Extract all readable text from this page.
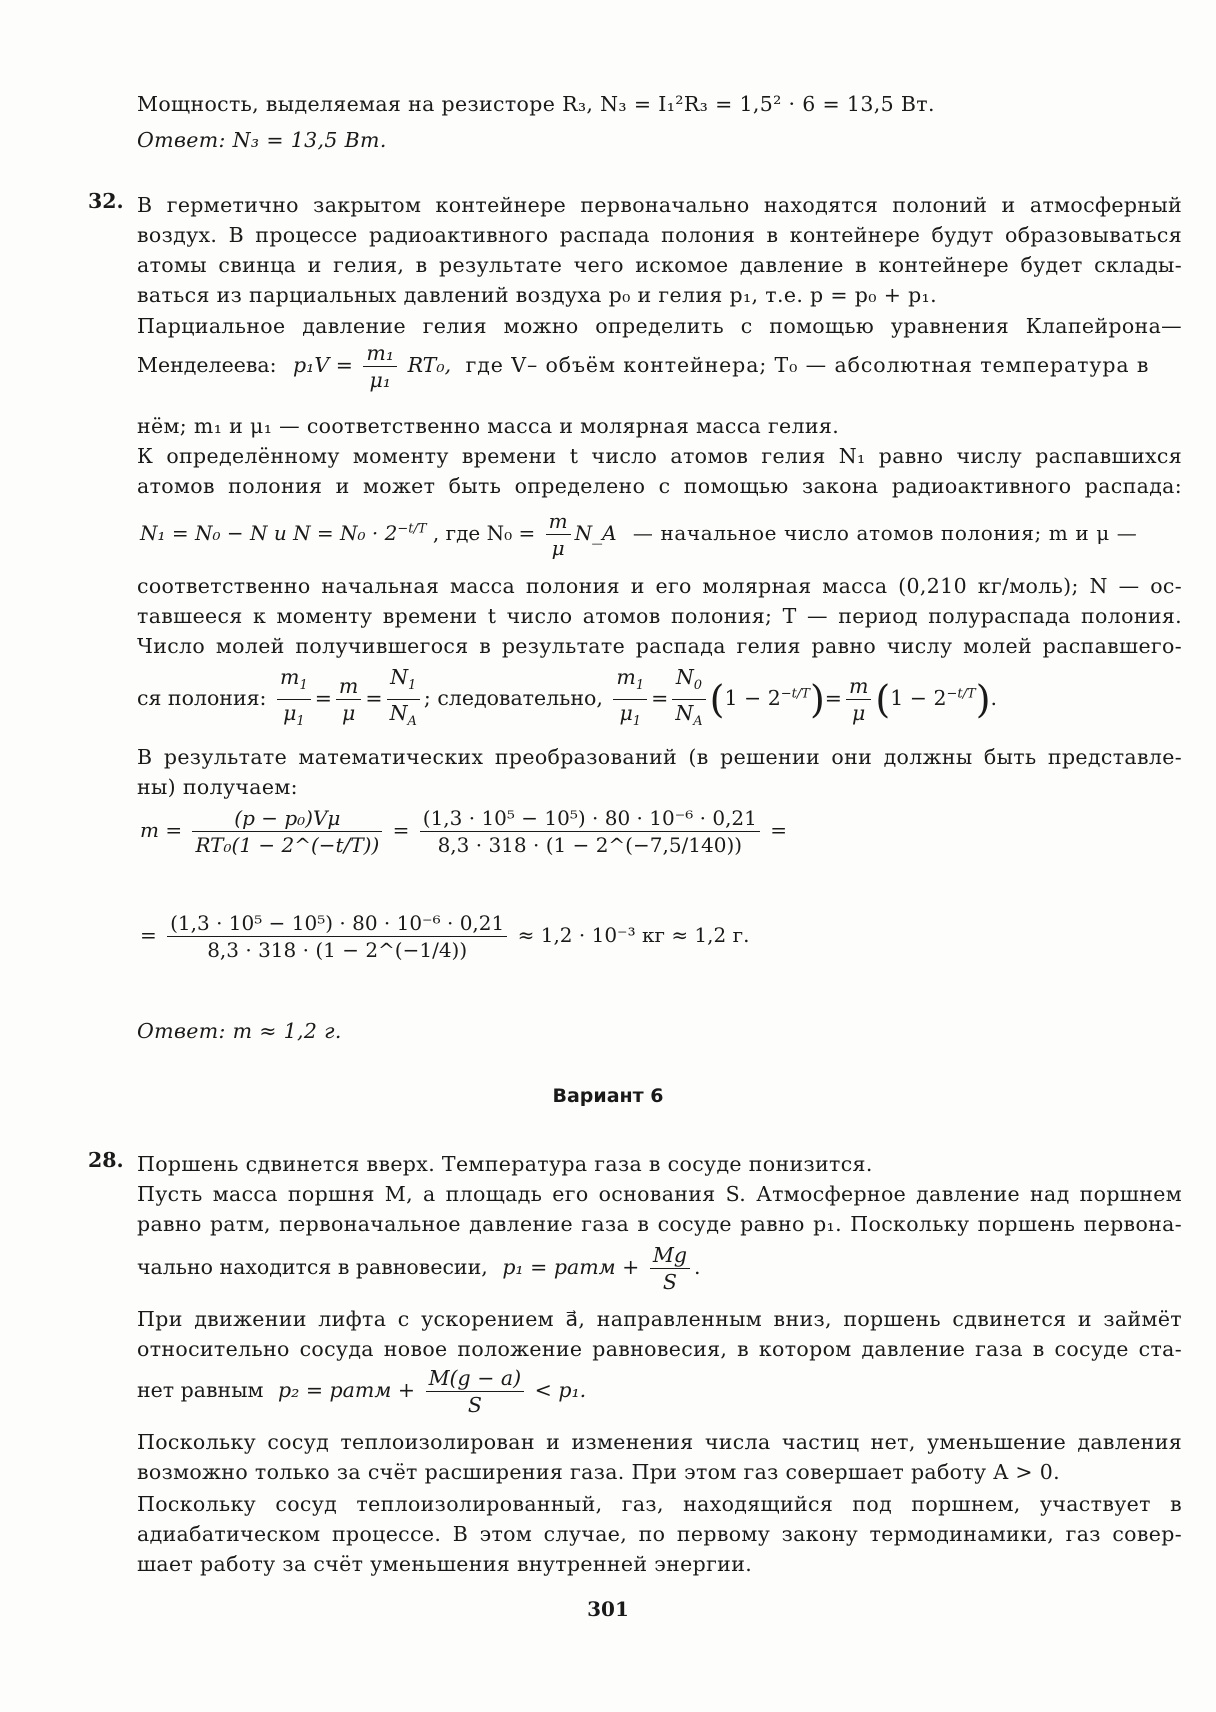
Мощность, выделяемая на резисторе R₃, N₃ = I₁²R₃ = 1,5² · 6 = 13,5 Вт.
Ответ: N₃ = 13,5 Вт.
32. В герметично закрытом контейнере первоначально находятся полоний и атмосферный
воздух. В процессе радиоактивного распада полония в контейнере будут образовываться
атомы свинца и гелия, в результате чего искомое давление в контейнере будет склады-
ваться из парциальных давлений воздуха p₀ и гелия p₁, т.е. p = p₀ + p₁.
Парциальное давление гелия можно определить с помощью уравнения Клапейрона—
Менделеева: $p_1V = \frac{\text{m₁}}{\text{μ₁}} RT_0$, где V– объём контейнера; T₀ — абсолютная температура в
нём; m₁ и μ₁ — соответственно масса и молярная масса гелия.
К определённому моменту времени t число атомов гелия N₁ равно числу распавшихся
атомов полония и может быть определено с помощью закона радиоактивного распада:
N₁ = N₀ − N и $N = N_0 \cdot 2^{-t/T}$ , где $N_0 = \frac{m}{\mu}$ N_A — начальное число атомов полония; m и μ —
соответственно начальная масса полония и его молярная масса (0,210 кг/моль); N — ос-
тавшееся к моменту времени t число атомов полония; T — период полураспада полония.
Число молей получившегося в результате распада гелия равно числу молей распавшего-
ся полония: $\frac{m_1}{\mu_1} = \frac{m}{\mu} = \frac{N_1}{N_A}$ ; следовательно, $\frac{m_1}{\mu_1} = \frac{N_0}{N_A} (1 - 2^{-t/T})= \frac{m}{\mu} (1 - 2^{-t/T})$.
В результате математических преобразований (в решении они должны быть представле-
ны) получаем:
$m = \frac{\text{(p − p₀)Vμ}}{\text{RT₀(1 − 2\textasciicircum{}(−t/T))}} = \frac{\text{(1,3 · 10⁵ − 10⁵) · 80 · 10⁻⁶ · 0,21}}{8,3 \cdot 318 \cdot (1 - 2\^{}(-7,5/140))}$ =
= $\frac{\text{(1,3 · 10⁵ − 10⁵) · 80 · 10⁻⁶ · 0,21}}{8,3 \cdot 318 \cdot (1 - 2\^{}(-1/4))} \approx 1,2 \cdot 10^{-3}$ кг ≈ 1,2 г.
Ответ: m ≈ 1,2 г.
Вариант 6
28. Поршень сдвинется вверх. Температура газа в сосуде понизится.
Пусть масса поршня M, а площадь его основания S. Атмосферное давление над поршнем
равно pатм, первоначальное давление газа в сосуде равно p₁. Поскольку поршень первона-
чально находится в равновесии, p₁ = pатм + $\frac{Mg}{S}$ .
При движении лифта с ускорением a⃗, направленным вниз, поршень сдвинется и займёт
относительно сосуда новое положение равновесия, в котором давление газа в сосуде ста-
нет равным p₂ = pатм + $\frac{M(g - a)}{S} < p_1$.
Поскольку сосуд теплоизолирован и изменения числа частиц нет, уменьшение давления
возможно только за счёт расширения газа. При этом газ совершает работу A > 0.
Поскольку сосуд теплоизолированный, газ, находящийся под поршнем, участвует в
адиабатическом процессе. В этом случае, по первому закону термодинамики, газ совер-
шает работу за счёт уменьшения внутренней энергии.
301
